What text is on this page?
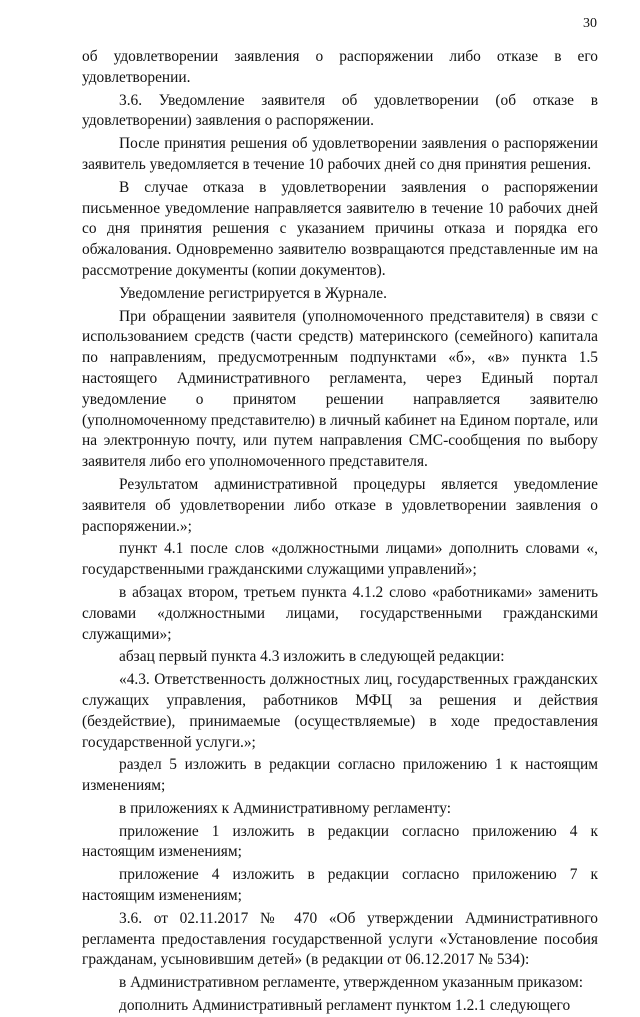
30

об удовлетворении заявления о распоряжении либо отказе в его удовлетворении.

3.6. Уведомление заявителя об удовлетворении (об отказе в удовлетворении) заявления о распоряжении.

После принятия решения об удовлетворении заявления о распоряжении заявитель уведомляется в течение 10 рабочих дней со дня принятия решения.

В случае отказа в удовлетворении заявления о распоряжении письменное уведомление направляется заявителю в течение 10 рабочих дней со дня принятия решения с указанием причины отказа и порядка его обжалования. Одновременно заявителю возвращаются представленные им на рассмотрение документы (копии документов).

Уведомление регистрируется в Журнале.

При обращении заявителя (уполномоченного представителя) в связи с использованием средств (части средств) материнского (семейного) капитала по направлениям, предусмотренным подпунктами «б», «в» пункта 1.5 настоящего Административного регламента, через Единый портал уведомление о принятом решении направляется заявителю (уполномоченному представителю) в личный кабинет на Едином портале, или на электронную почту, или путем направления СМС-сообщения по выбору заявителя либо его уполномоченного представителя.

Результатом административной процедуры является уведомление заявителя об удовлетворении либо отказе в удовлетворении заявления о распоряжении.»;

пункт 4.1 после слов «должностными лицами» дополнить словами «, государственными гражданскими служащими управлений»;

в абзацах втором, третьем пункта 4.1.2 слово «работниками» заменить словами «должностными лицами, государственными гражданскими служащими»;

абзац первый пункта 4.3 изложить в следующей редакции:

«4.3. Ответственность должностных лиц, государственных гражданских служащих управления, работников МФЦ за решения и действия (бездействие), принимаемые (осуществляемые) в ходе предоставления государственной услуги.»;

раздел 5 изложить в редакции согласно приложению 1 к настоящим изменениям;

в приложениях к Административному регламенту:

приложение 1 изложить в редакции согласно приложению 4 к настоящим изменениям;

приложение 4 изложить в редакции согласно приложению 7 к настоящим изменениям;

3.6. от 02.11.2017 № 470 «Об утверждении Административного регламента предоставления государственной услуги «Установление пособия гражданам, усыновившим детей» (в редакции от 06.12.2017 № 534):

в Административном регламенте, утвержденном указанным приказом:

дополнить Административный регламент пунктом 1.2.1 следующего
